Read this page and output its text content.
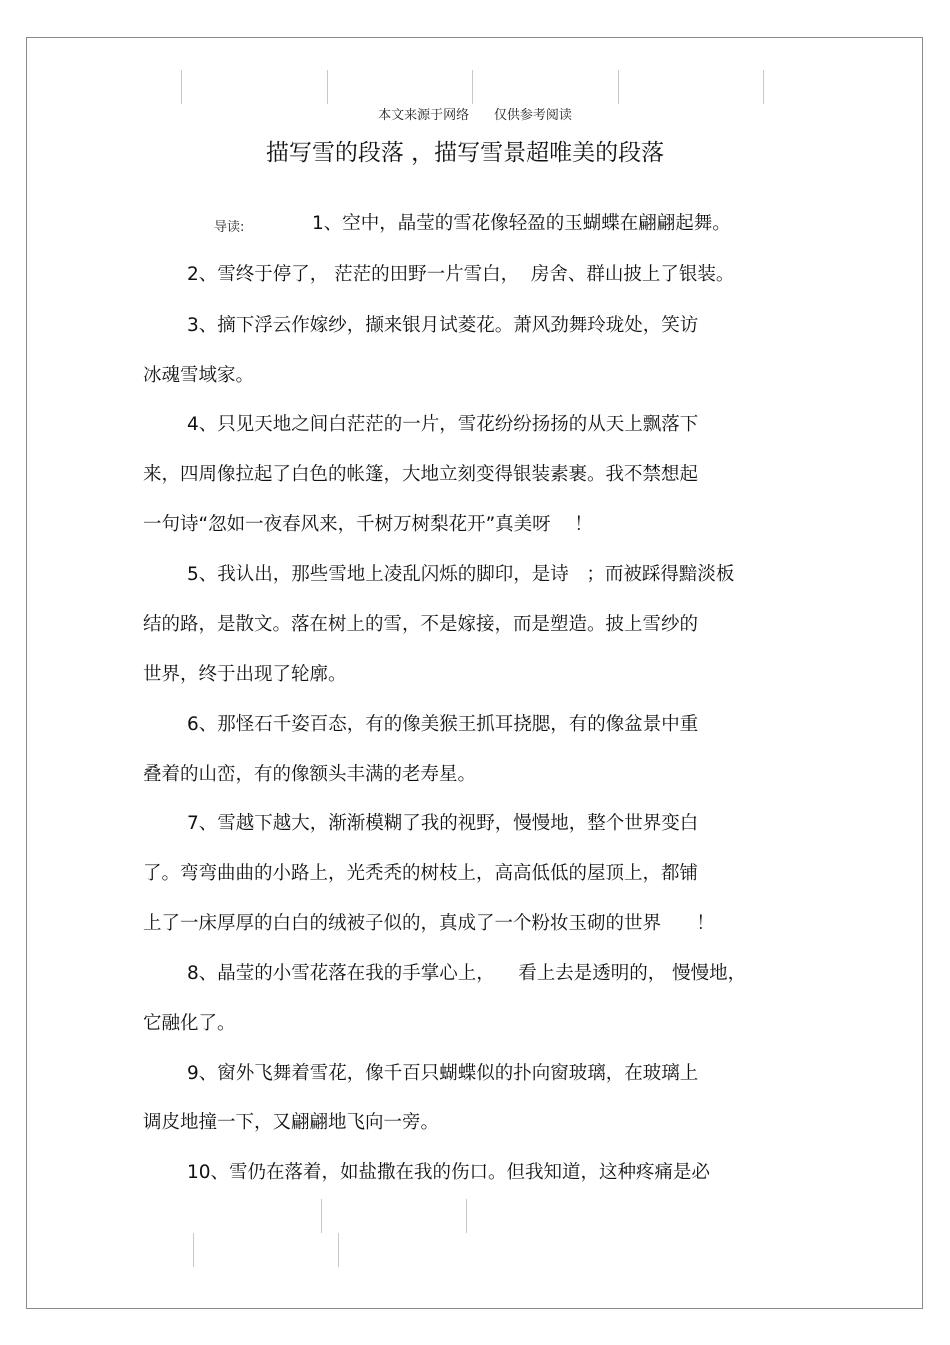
本文来源于网络      仅供参考阅读
描写雪的段落 ，描写雪景超唯美的段落
导读:	1、空中，晶莹的雪花像轻盈的玉蝴蝶在翩翩起舞。
2、雪终于停了， 茫茫的田野一片雪白，  房舍、群山披上了银装。
3、摘下浮云作嫁纱，撷来银月试菱花。萧风劲舞玲珑处，笑访
冰魂雪域家。
4、只见天地之间白茫茫的一片，雪花纷纷扬扬的从天上飘落下
来，四周像拉起了白色的帐篷，大地立刻变得银装素裹。我不禁想起
一句诗“忽如一夜春风来，千树万树梨花开”真美呀    ！
5、我认出，那些雪地上凌乱闪烁的脚印，是诗   ；而被踩得黯淡板
结的路，是散文。落在树上的雪，不是嫁接，而是塑造。披上雪纱的
世界，终于出现了轮廓。
6、那怪石千姿百态，有的像美猴王抓耳挠腮，有的像盆景中重
叠着的山峦，有的像额头丰满的老寿星。
7、雪越下越大，渐渐模糊了我的视野，慢慢地，整个世界变白
了。弯弯曲曲的小路上，光秃秃的树枝上，高高低低的屋顶上，都铺
上了一床厚厚的白白的绒被子似的，真成了一个粉妆玉砌的世界      ！
8、晶莹的小雪花落在我的手掌心上，    看上去是透明的， 慢慢地，
它融化了。
9、窗外飞舞着雪花，像千百只蝴蝶似的扑向窗玻璃，在玻璃上
调皮地撞一下，又翩翩地飞向一旁。
10、雪仍在落着，如盐撒在我的伤口。但我知道，这种疼痛是必
